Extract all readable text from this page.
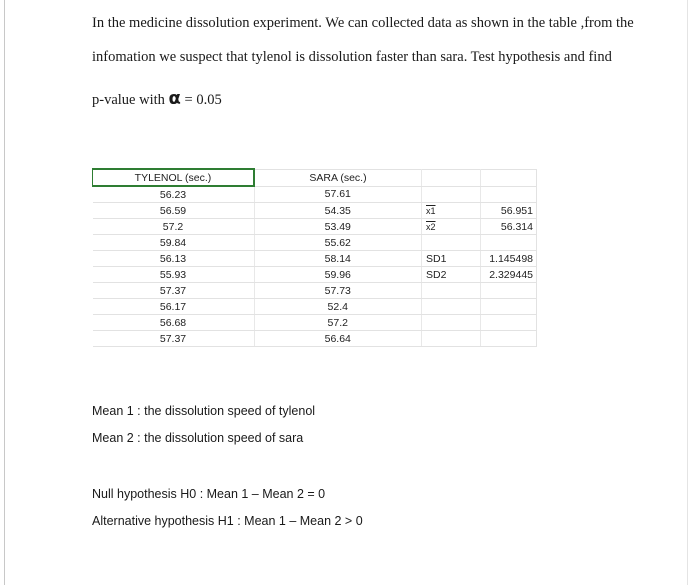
In the medicine dissolution experiment. We can collected data as shown in the table ,from the
infomation we suspect that tylenol is dissolution faster than sara. Test hypothesis and find
p-value with α = 0.05
TYLENOL (sec.)	SARA (sec.)		
56.23	57.61		
56.59	54.35	x1	56.951
57.2	53.49	x2	56.314
59.84	55.62		
56.13	58.14	SD1	1.145498
55.93	59.96	SD2	2.329445
57.37	57.73		
56.17	52.4		
56.68	57.2		
57.37	56.64		
Mean 1 : the dissolution speed of tylenol
Mean 2 : the dissolution speed of sara
Null hypothesis H0 : Mean 1 – Mean 2 = 0
Alternative hypothesis H1 : Mean 1 – Mean 2 > 0
